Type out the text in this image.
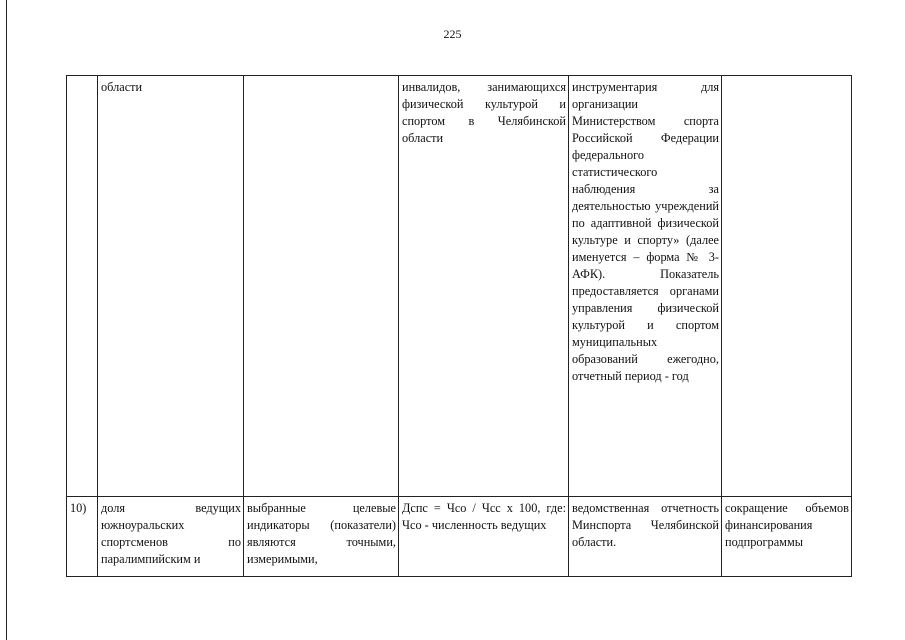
225
	области		инвалидов, занимающихся физической культурой и спортом в Челябинской области	инструментария для организации Министерством спорта Российской Федерации федерального статистического наблюдения за деятельностью учреждений по адаптивной физической культуре и спорту» (далее именуется – форма № 3-АФК). Показатель предоставляется органами управления физической культурой и спортом муниципальных образований ежегодно, отчетный период - год	
10)	доля ведущих южноуральских спортсменов по паралимпийским и	выбранные целевые индикаторы (показатели) являются точными, измеримыми,	Дспс = Чсо / Чсс x 100, где: Чсо - численность ведущих	ведомственная отчетность Минспорта Челябинской области.	сокращение объемов финансирования подпрограммы
